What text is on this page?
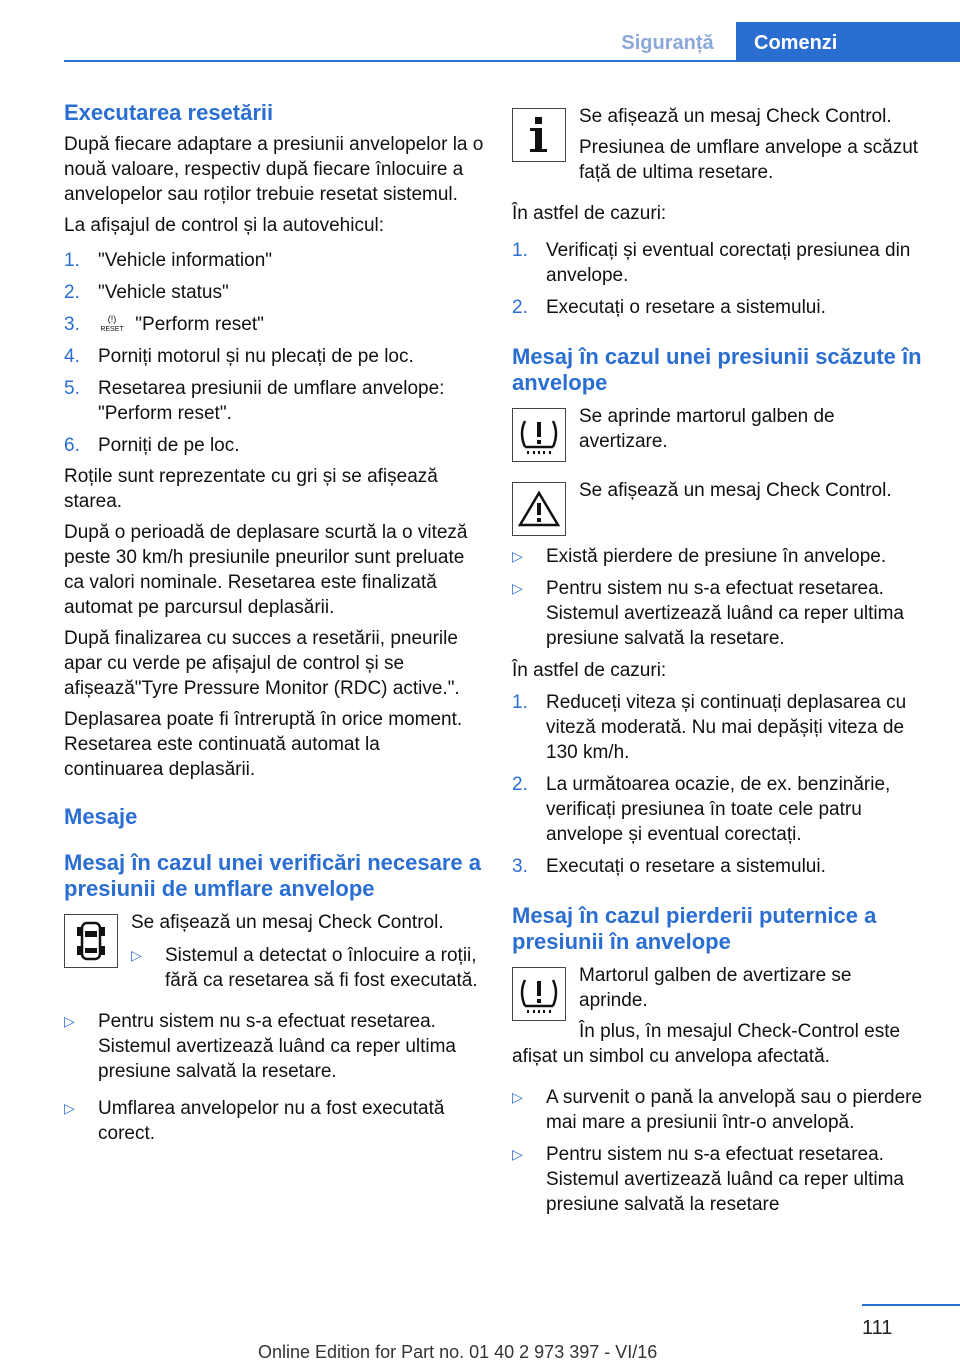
Siguranță	Comenzi
Executarea resetării

După fiecare adaptare a presiunii anvelopelor la o nouă valoare, respectiv după fiecare înlocuire a anvelopelor sau roților trebuie resetat sistemul.

La afișajul de control și la autovehicul:

1. "Vehicle information"
2. "Vehicle status"
3.	(!)
RESET "Perform reset"
4. Porniți motorul și nu plecați de pe loc.
5. Resetarea presiunii de umflare anvelope: "Perform reset".
6. Porniți de pe loc.

Roțile sunt reprezentate cu gri și se afișează starea.

După o perioadă de deplasare scurtă la o viteză peste 30 km/h presiunile pneurilor sunt preluate ca valori nominale. Resetarea este finalizată automat pe parcursul deplasării.

După finalizarea cu succes a resetării, pneurile apar cu verde pe afișajul de control și se afișează"Tyre Pressure Monitor (RDC) active.".

Deplasarea poate fi întreruptă în orice moment. Resetarea este continuată automat la continuarea deplasării.

Mesaje
Mesaj în cazul unei verificări necesare a presiunii de umflare anvelope

Se afișează un mesaj Check Control.

▷ Sistemul a detectat o înlocuire a roții, fără ca resetarea să fi fost executată.
▷ Pentru sistem nu s-a efectuat resetarea. Sistemul avertizează luând ca reper ultima presiune salvată la resetare.
▷ Umflarea anvelopelor nu a fost executată corect.

Se afișează un mesaj Check Control.

Presiunea de umflare anvelope a scăzut față de ultima resetare.

În astfel de cazuri:

1. Verificați și eventual corectați presiunea din anvelope.
2. Executați o resetare a sistemului.
Mesaj în cazul unei presiunii scăzute în anvelope

Se aprinde martorul galben de avertizare.

Se afișează un mesaj Check Control.

▷ Există pierdere de presiune în anvelope.
▷ Pentru sistem nu s-a efectuat resetarea. Sistemul avertizează luând ca reper ultima presiune salvată la resetare.

În astfel de cazuri:

1. Reduceți viteza și continuați deplasarea cu viteză moderată. Nu mai depășiți viteza de 130 km/h.
2. La următoarea ocazie, de ex. benzinărie, verificați presiunea în toate cele patru anvelope și eventual corectați.
3. Executați o resetare a sistemului.
Mesaj în cazul pierderii puternice a presiunii în anvelope

Martorul galben de avertizare se aprinde.

În plus, în mesajul Check-Control este afișat un simbol cu anvelopa afectată.

▷ A survenit o pană la anvelopă sau o pierdere mai mare a presiunii într-o anvelopă.
▷ Pentru sistem nu s-a efectuat resetarea. Sistemul avertizează luând ca reper ultima presiune salvată la resetare
111
Online Edition for Part no. 01 40 2 973 397 - VI/16
